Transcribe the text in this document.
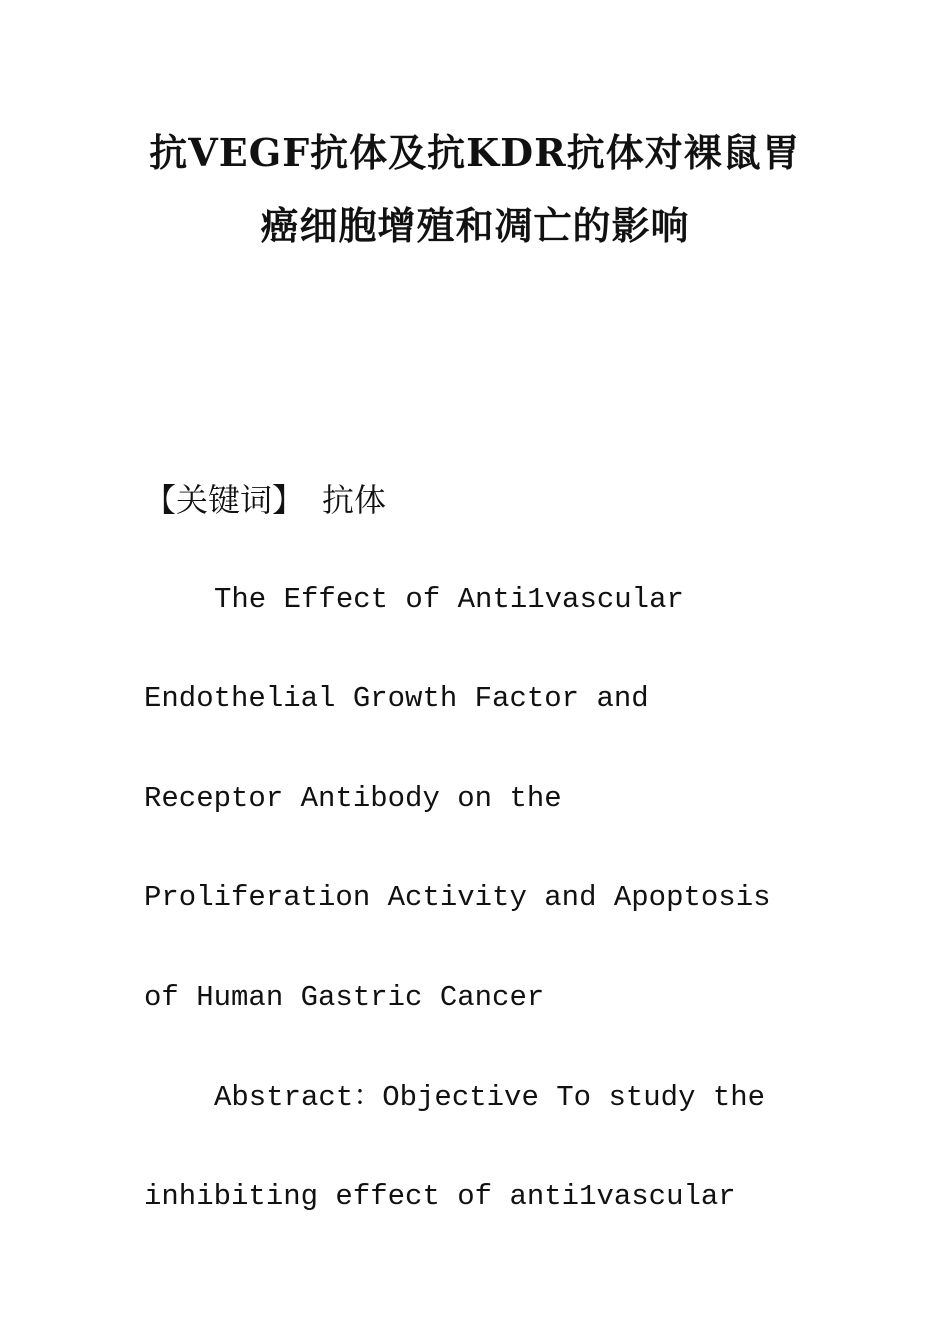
抗VEGF抗体及抗KDR抗体对裸鼠胃
癌细胞增殖和凋亡的影响
【关键词】 抗体
The Effect of Anti1vascular
Endothelial Growth Factor and
Receptor Antibody on the
Proliferation Activity and Apoptosis
of Human Gastric Cancer
Abstract：Objective To study the
inhibiting effect of anti1vascular
